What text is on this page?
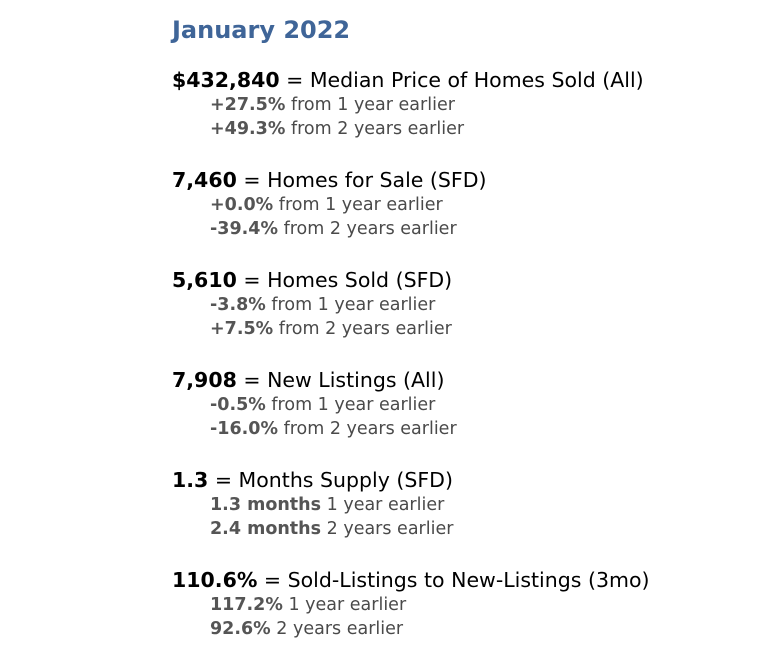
January 2022
$432,840 = Median Price of Homes Sold (All)
+27.5% from 1 year earlier
+49.3% from 2 years earlier
7,460 = Homes for Sale (SFD)
+0.0% from 1 year earlier
-39.4% from 2 years earlier
5,610 = Homes Sold (SFD)
-3.8% from 1 year earlier
+7.5% from 2 years earlier
7,908 = New Listings (All)
-0.5% from 1 year earlier
-16.0% from 2 years earlier
1.3 = Months Supply (SFD)
1.3 months 1 year earlier
2.4 months 2 years earlier
110.6% = Sold-Listings to New-Listings (3mo)
117.2% 1 year earlier
92.6% 2 years earlier
